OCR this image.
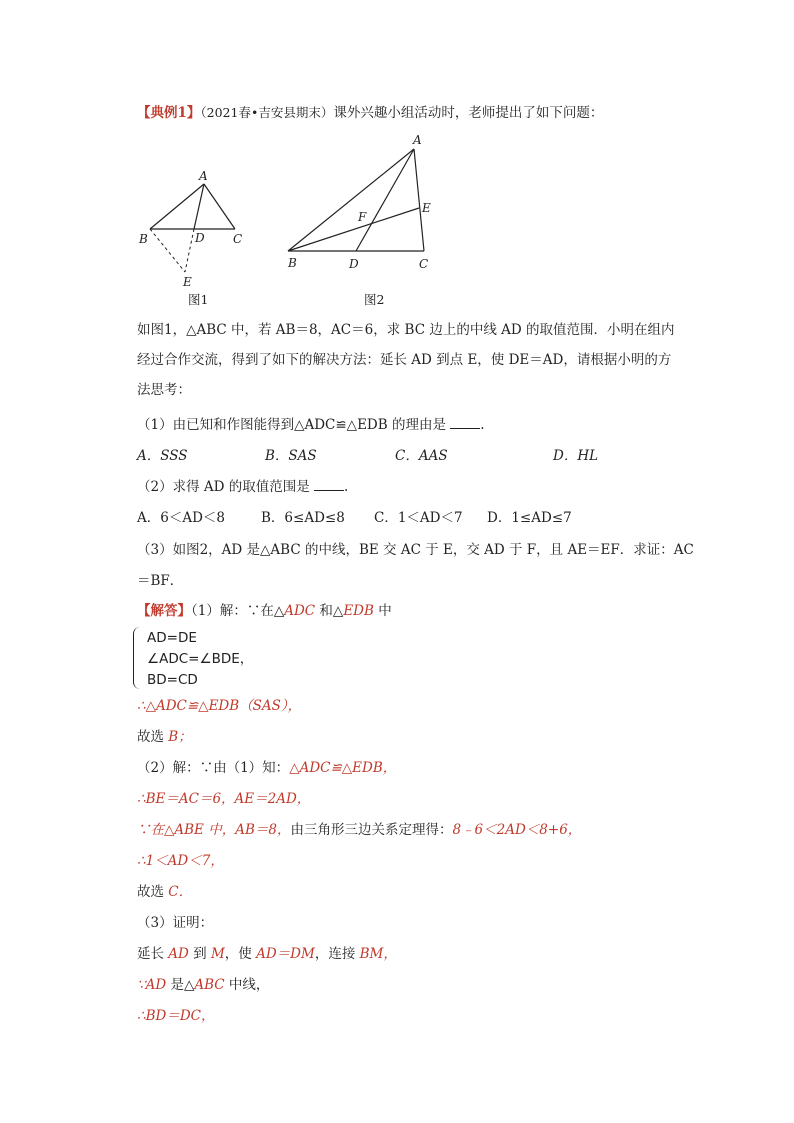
【典例1】（2021春•吉安县期末）课外兴趣小组活动时，老师提出了如下问题：
A
B	D C
E
图1
A
E
F
B	D	C
图2
如图1，△ABC 中，若 AB＝8，AC＝6，求 BC 边上的中线 AD 的取值范围．小明在组内
经过合作交流，得到了如下的解决方法：延长 AD 到点 E，使 DE＝AD，请根据小明的方
法思考：
（1）由已知和作图能得到△ADC≌△EDB 的理由是	.
A．SSS	B．SAS	C．AAS	D．HL
（2）求得 AD 的取值范围是	.
A．6＜AD＜8	B．6≤AD≤8 C．1＜AD＜7 D．1≤AD≤7
（3）如图2，AD 是△ABC 的中线，BE 交 AC 于 E，交 AD 于 F，且 AE＝EF．求证：AC
＝BF．
【解答】（1）解：∵在△ADC 和△EDB 中
AD=DE
∠ADC=∠BDE，
BD=CD
∴△ADC≌△EDB（SAS），
故选 B；
（2）解：∵由（1）知：△ADC≌△EDB，
∴BE＝AC＝6，AE＝2AD，
∵在△ABE 中，AB＝8，由三角形三边关系定理得：8﹣6＜2AD＜8+6，
∴1＜AD＜7，
故选 C．
（3）证明：
延长 AD 到 M，使 AD＝DM，连接 BM，
∵AD 是△ABC 中线，
∴BD＝DC，
